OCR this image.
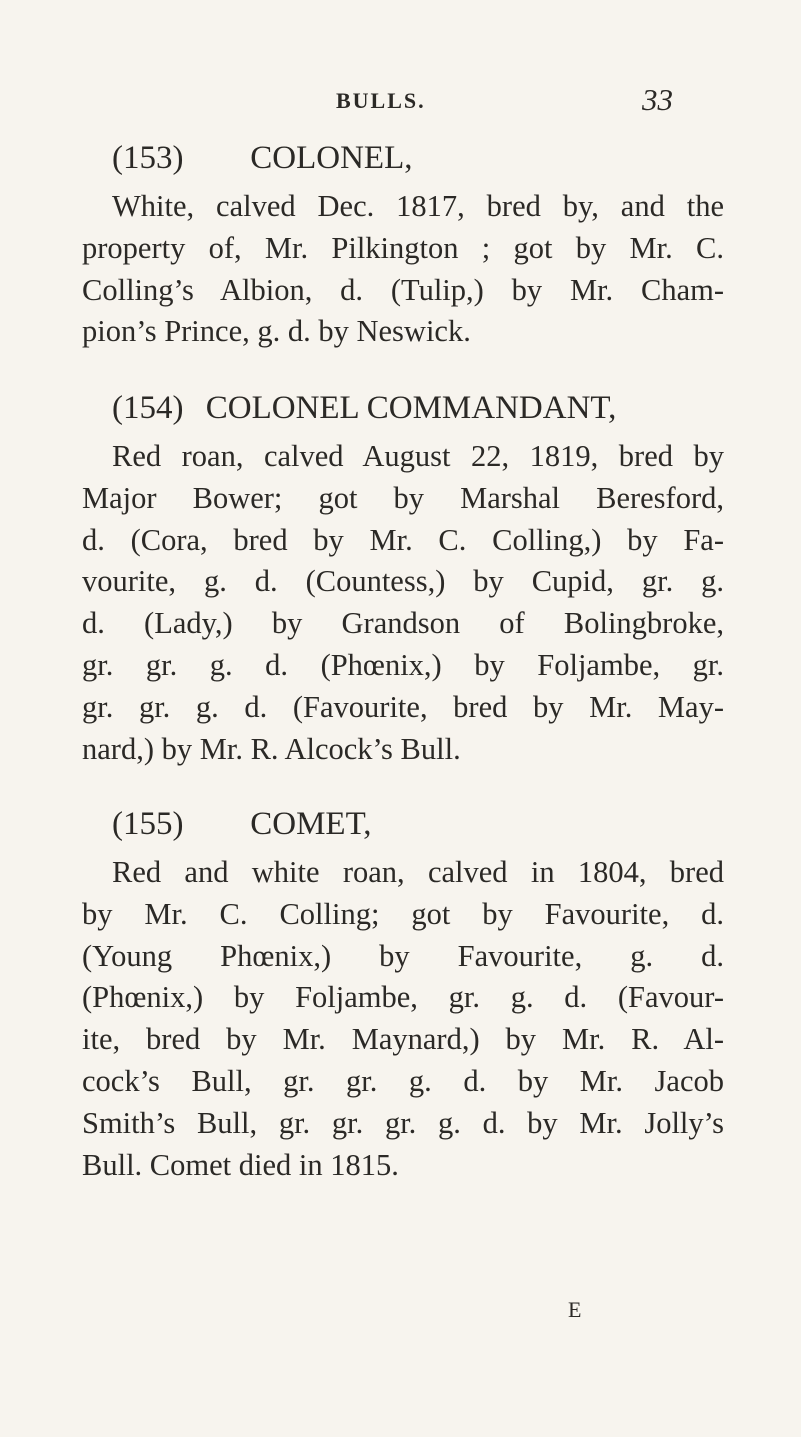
BULLS.	33
(153) COLONEL,
White, calved Dec. 1817, bred by, and the
property of, Mr. Pilkington ; got by Mr. C.
Colling’s Albion, d. (Tulip,) by Mr. Cham-
pion’s Prince, g. d. by Neswick.
(154) COLONEL COMMANDANT,
Red roan, calved August 22, 1819, bred by
Major Bower; got by Marshal Beresford,
d. (Cora, bred by Mr. C. Colling,) by Fa-
vourite, g. d. (Countess,) by Cupid, gr. g.
d. (Lady,) by Grandson of Bolingbroke,
gr. gr. g. d. (Phœnix,) by Foljambe, gr.
gr. gr. g. d. (Favourite, bred by Mr. May-
nard,) by Mr. R. Alcock’s Bull.
(155) COMET,
Red and white roan, calved in 1804, bred
by Mr. C. Colling; got by Favourite, d.
(Young Phœnix,) by Favourite, g. d.
(Phœnix,) by Foljambe, gr. g. d. (Favour-
ite, bred by Mr. Maynard,) by Mr. R. Al-
cock’s Bull, gr. gr. g. d. by Mr. Jacob
Smith’s Bull, gr. gr. gr. g. d. by Mr. Jolly’s
Bull. Comet died in 1815.
E
